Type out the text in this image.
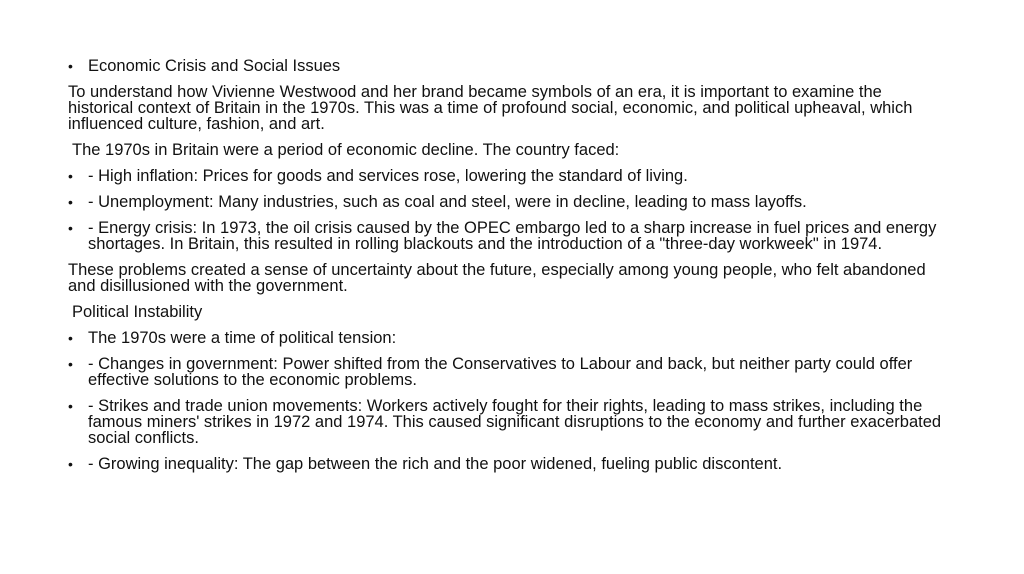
• Economic Crisis and Social Issues

To understand how Vivienne Westwood and her brand became symbols of an era, it is important to examine the historical context of Britain in the 1970s. This was a time of profound social, economic, and political upheaval, which influenced culture, fashion, and art.

The 1970s in Britain were a period of economic decline. The country faced:

• - High inflation: Prices for goods and services rose, lowering the standard of living.
• - Unemployment: Many industries, such as coal and steel, were in decline, leading to mass layoffs.
• - Energy crisis: In 1973, the oil crisis caused by the OPEC embargo led to a sharp increase in fuel prices and energy shortages. In Britain, this resulted in rolling blackouts and the introduction of a "three-day workweek" in 1974.

These problems created a sense of uncertainty about the future, especially among young people, who felt abandoned and disillusioned with the government.

Political Instability

• The 1970s were a time of political tension:
• - Changes in government: Power shifted from the Conservatives to Labour and back, but neither party could offer effective solutions to the economic problems.
• - Strikes and trade union movements: Workers actively fought for their rights, leading to mass strikes, including the famous miners' strikes in 1972 and 1974. This caused significant disruptions to the economy and further exacerbated social conflicts.
• - Growing inequality: The gap between the rich and the poor widened, fueling public discontent.
